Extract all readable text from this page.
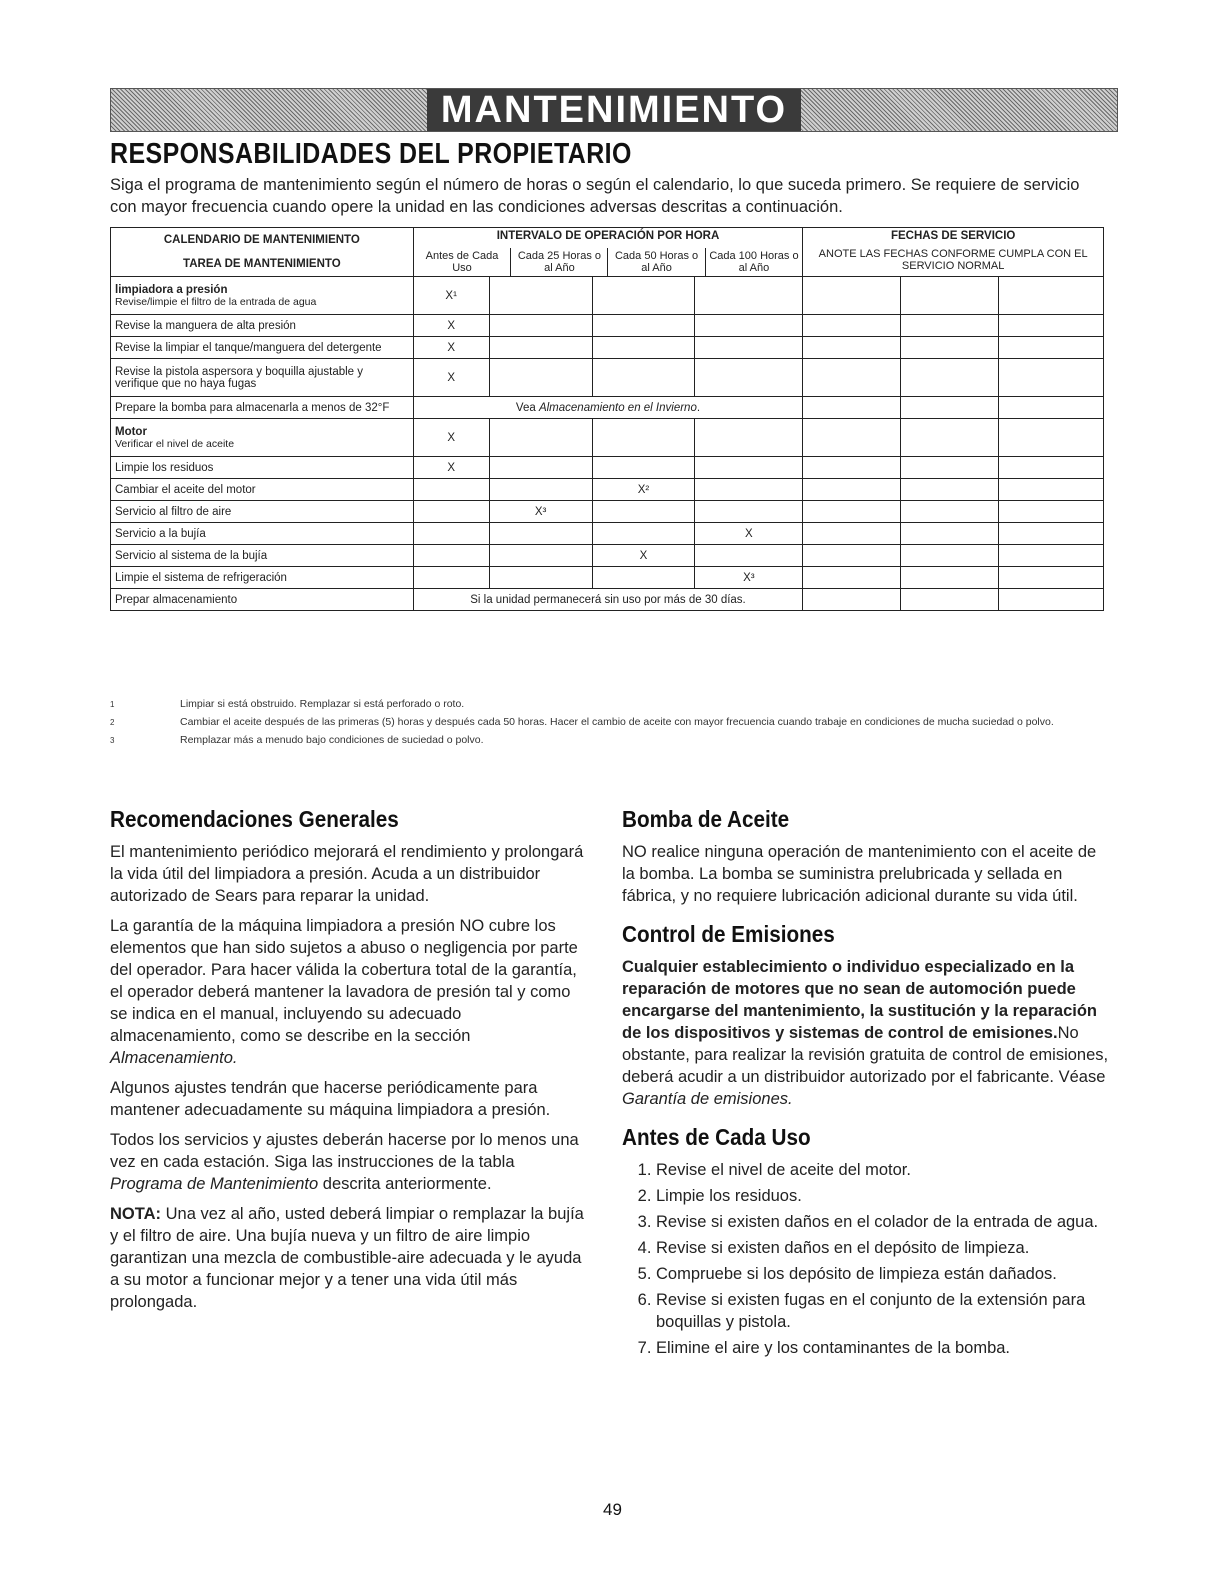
MANTENIMIENTO
RESPONSABILIDADES DEL PROPIETARIO

Siga el programa de mantenimiento según el número de horas o según el calendario, lo que suceda primero. Se requiere de servicio con mayor frecuencia cuando opere la unidad en las condiciones adversas descritas a continuación.

CALENDARIO DE MANTENIMIENTO
TAREA DE MANTENIMIENTO

INTERVALO DE OPERACIÓN POR HORA
Antes de Cada Uso	Cada 25 Horas o al Año	Cada 50 Horas o al Año	Cada 100 Horas o al Año

FECHAS DE SERVICIO
ANOTE LAS FECHAS CONFORME CUMPLA CON EL SERVICIO NORMAL

limpiadora a presión
Revise/limpie el filtro de la entrada de agua	X¹						
Revise la manguera de alta presión	X						
Revise la limpiar el tanque/manguera del detergente	X						
Revise la pistola aspersora y boquilla ajustable y verifique que no haya fugas	X						
Prepare la bomba para almacenarla a menos de 32°F	Vea Almacenamiento en el Invierno.			

Motor
Verificar el nivel de aceite	X						
Limpie los residuos	X						
Cambiar el aceite del motor			X²				
Servicio al filtro de aire		X³					
Servicio a la bujía				X			
Servicio al sistema de la bujía			X				
Limpie el sistema de refrigeración				X³			
Prepar almacenamiento	Si la unidad permanecerá sin uso por más de 30 días.			
1	Limpiar si está obstruido. Remplazar si está perforado o roto.
2	Cambiar el aceite después de las primeras (5) horas y después cada 50 horas. Hacer el cambio de aceite con mayor frecuencia cuando trabaje en condiciones de mucha suciedad o polvo.
3	Remplazar más a menudo bajo condiciones de suciedad o polvo.
Recomendaciones Generales

El mantenimiento periódico mejorará el rendimiento y prolongará la vida útil del limpiadora a presión. Acuda a un distribuidor autorizado de Sears para reparar la unidad.

La garantía de la máquina limpiadora a presión NO cubre los elementos que han sido sujetos a abuso o negligencia por parte del operador. Para hacer válida la cobertura total de la garantía, el operador deberá mantener la lavadora de presión tal y como se indica en el manual, incluyendo su adecuado almacenamiento, como se describe en la sección Almacenamiento.

Algunos ajustes tendrán que hacerse periódicamente para mantener adecuadamente su máquina limpiadora a presión.

Todos los servicios y ajustes deberán hacerse por lo menos una vez en cada estación. Siga las instrucciones de la tabla Programa de Mantenimiento descrita anteriormente.

NOTA: Una vez al año, usted deberá limpiar o remplazar la bujía y el filtro de aire. Una bujía nueva y un filtro de aire limpio garantizan una mezcla de combustible-aire adecuada y le ayuda a su motor a funcionar mejor y a tener una vida útil más prolongada.

Bomba de Aceite

NO realice ninguna operación de mantenimiento con el aceite de la bomba. La bomba se suministra prelubricada y sellada en fábrica, y no requiere lubricación adicional durante su vida útil.

Control de Emisiones

Cualquier establecimiento o individuo especializado en la reparación de motores que no sean de automoción puede encargarse del mantenimiento, la sustitución y la reparación de los dispositivos y sistemas de control de emisiones.No obstante, para realizar la revisión gratuita de control de emisiones, deberá acudir a un distribuidor autorizado por el fabricante. Véase Garantía de emisiones.

Antes de Cada Uso
1. Revise el nivel de aceite del motor.
2. Limpie los residuos.
3. Revise si existen daños en el colador de la entrada de agua.
4. Revise si existen daños en el depósito de limpieza.
5. Compruebe si los depósito de limpieza están dañados.
6. Revise si existen fugas en el conjunto de la extensión para boquillas y pistola.
7. Elimine el aire y los contaminantes de la bomba.
49
